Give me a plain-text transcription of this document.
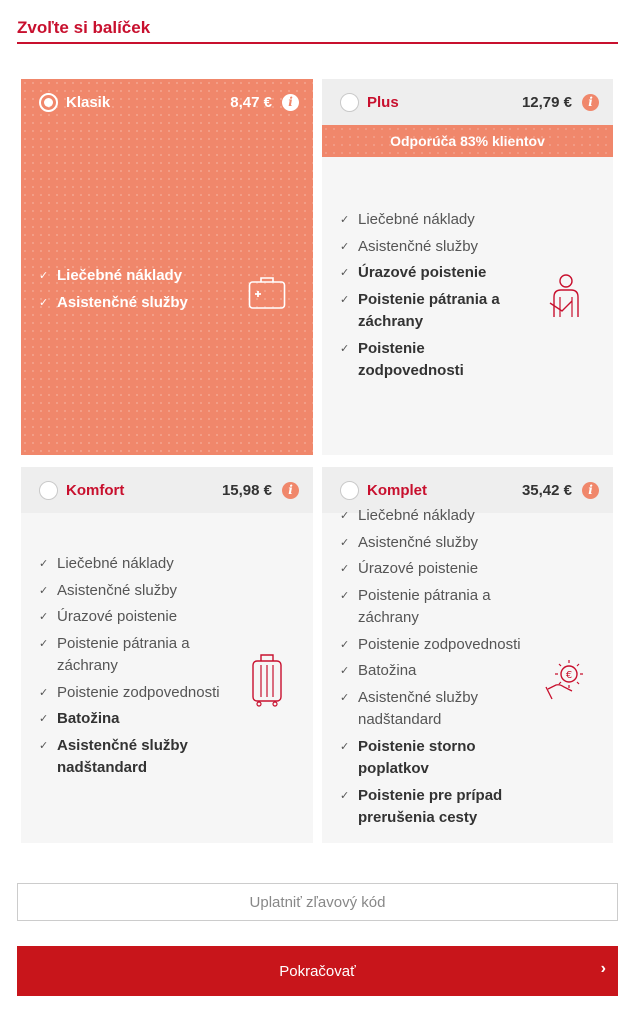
Zvoľte si balíček
Klasik	8,47 €	i
✓ Liečebné náklady
✓ Asistenčné služby
Plus	12,79 €	i
Odporúča 83% klientov
✓ Liečebné náklady
✓ Asistenčné služby
✓ Úrazové poistenie
✓ Poistenie pátrania a záchrany
✓ Poistenie zodpovednosti
Komfort	15,98 €	i
✓ Liečebné náklady
✓ Asistenčné služby
✓ Úrazové poistenie
✓ Poistenie pátrania a záchrany
✓ Poistenie zodpovednosti
✓ Batožina
✓ Asistenčné služby nadštandard
Komplet	35,42 €	i
✓ Liečebné náklady
✓ Asistenčné služby
✓ Úrazové poistenie
✓ Poistenie pátrania a záchrany
✓ Poistenie zodpovednosti
✓ Batožina
✓ Asistenčné služby nadštandard
✓ Poistenie storno poplatkov
✓ Poistenie pre prípad prerušenia cesty
€
Uplatniť zľavový kód
Pokračovať	›
